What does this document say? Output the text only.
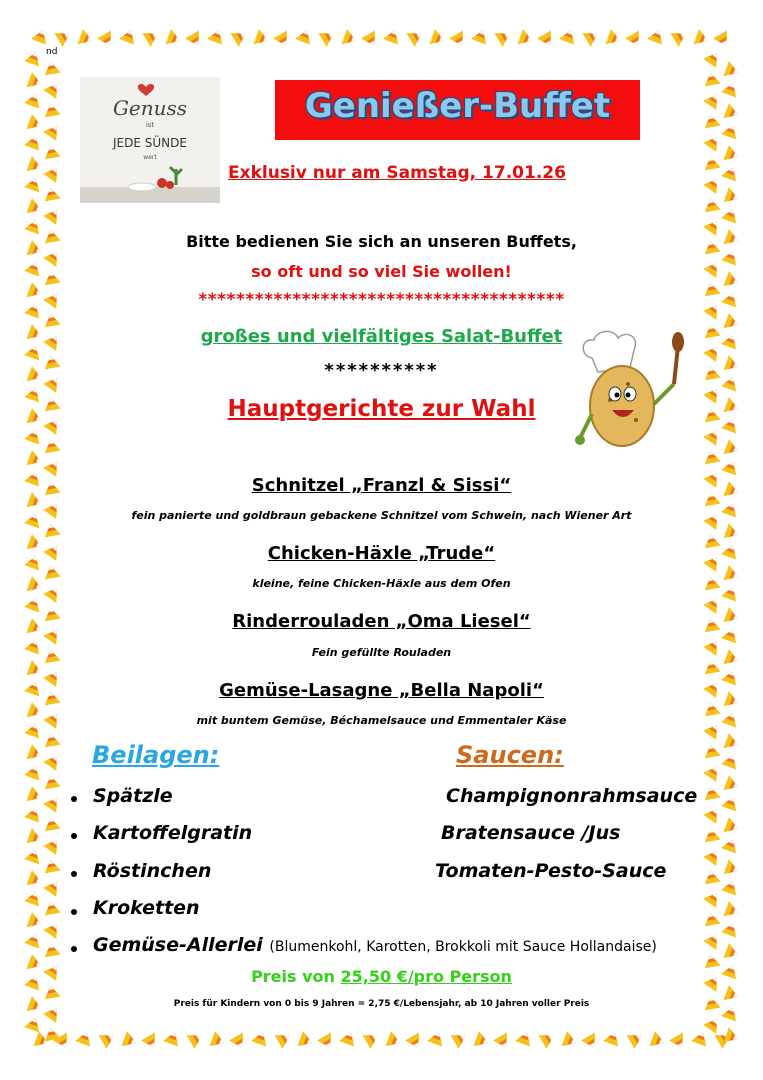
nd
Genuss
ist
JEDE SÜNDE
wert
Genießer-Buffet
Exklusiv nur am Samstag, 17.01.26
Bitte bedienen Sie sich an unseren Buffets,
so oft und so viel Sie wollen!
***************************************
großes und vielfältiges Salat-Buffet
**********
Hauptgerichte zur Wahl
Schnitzel „Franzl & Sissi“
fein panierte und goldbraun gebackene Schnitzel vom Schwein, nach Wiener Art
Chicken-Häxle „Trude“
kleine, feine Chicken-Häxle aus dem Ofen
Rinderrouladen „Oma Liesel“
Fein gefüllte Rouladen
Gemüse-Lasagne „Bella Napoli“
mit buntem Gemüse, Béchamelsauce und Emmentaler Käse
Beilagen:	Saucen:
Spätzle
Kartoffelgratin
Röstinchen
Kroketten
Gemüse-Allerlei (Blumenkohl, Karotten, Brokkoli mit Sauce Hollandaise)
Champignonrahmsauce
Bratensauce /Jus
Tomaten-Pesto-Sauce
Preis von 25,50 €/pro Person
Preis für Kindern von 0 bis 9 Jahren = 2,75 €/Lebensjahr, ab 10 Jahren voller Preis
